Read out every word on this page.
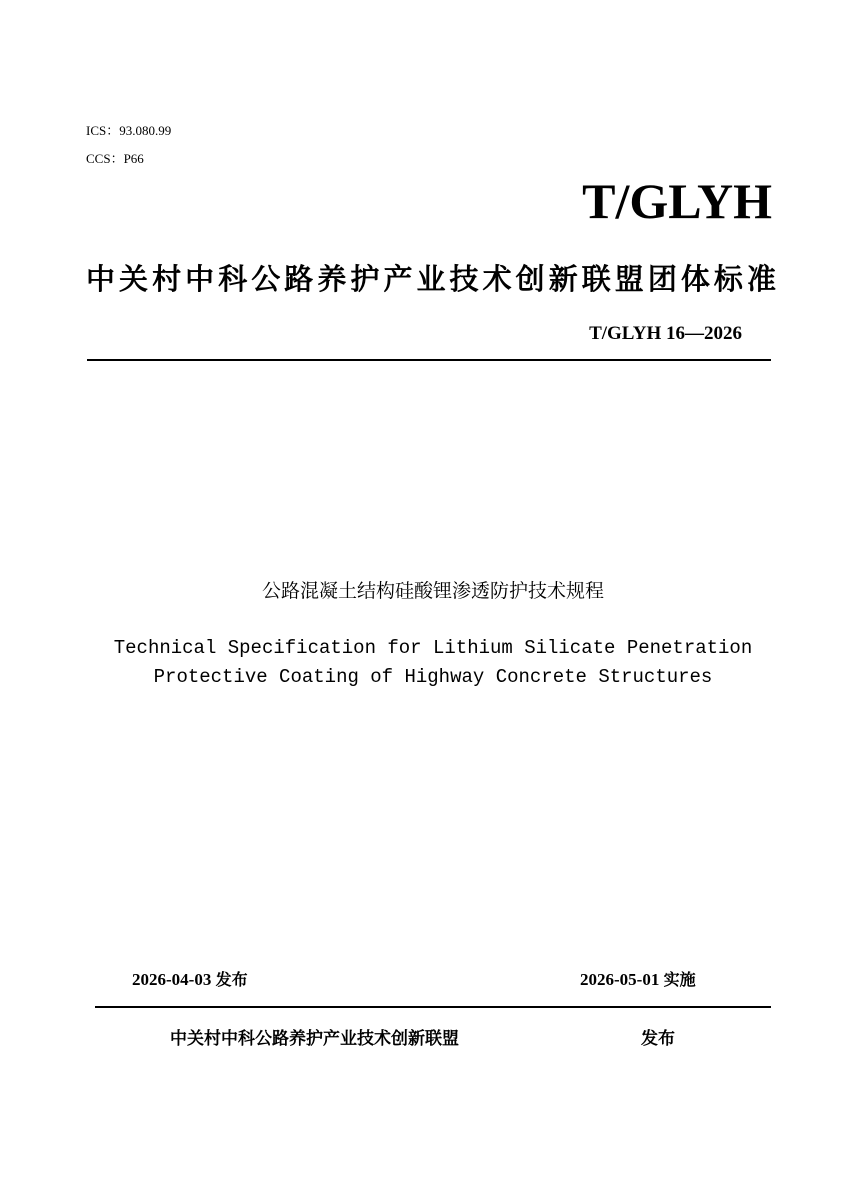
ICS：93.080.99
CCS：P66
T/GLYH
中关村中科公路养护产业技术创新联盟团体标准
T/GLYH 16—2026
公路混凝土结构硅酸锂渗透防护技术规程
Technical Specification for Lithium Silicate Penetration
Protective Coating of Highway Concrete Structures
2026-04-03 发布	2026-05-01 实施
中关村中科公路养护产业技术创新联盟	发布
